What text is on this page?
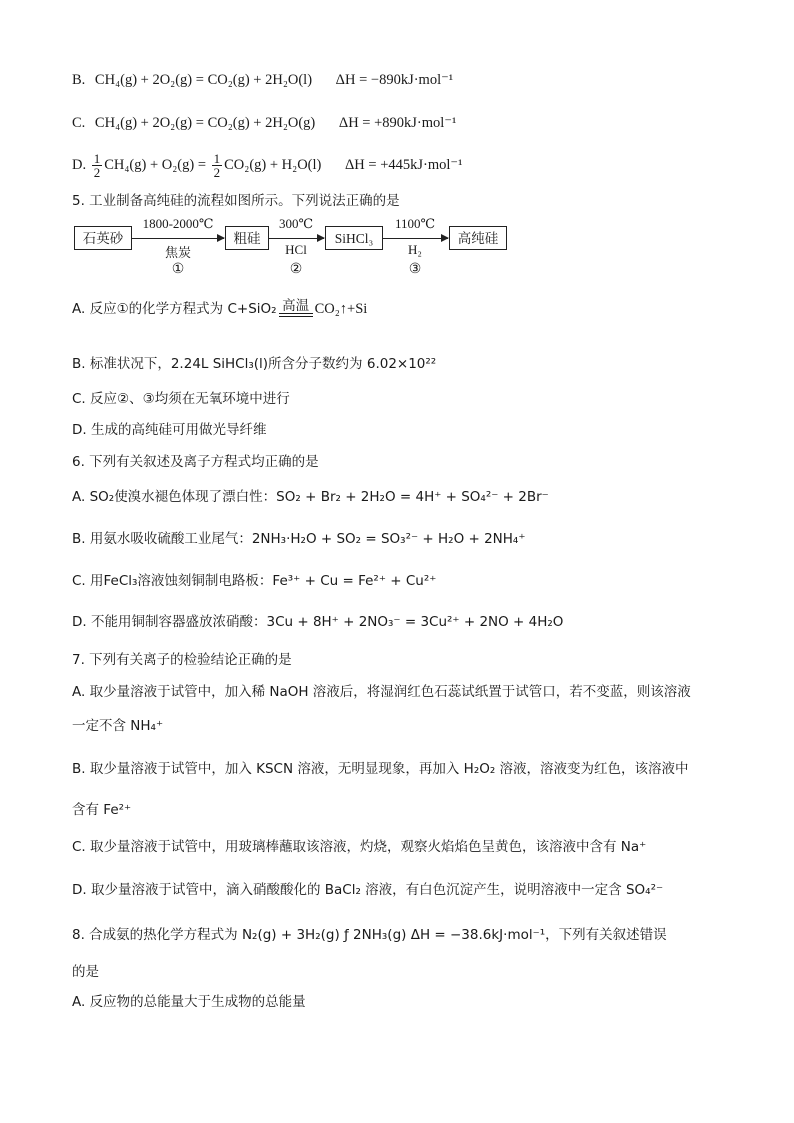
B. CH₄(g) + 2O₂(g) = CO₂(g) + 2H₂O(l) ΔH = −890kJ·mol⁻¹
C. CH₄(g) + 2O₂(g) = CO₂(g) + 2H₂O(g) ΔH = +890kJ·mol⁻¹
D. $\frac{1}{2} CH_4(g) + O_2(g) = \frac{1}{2} CO_2(g) + H_2O(l) \Delta H = +445kJ\cdot mol^{-1}$
5. 工业制备高纯硅的流程如图所示。下列说法正确的是
石英砂	粗硅	SiHCl₃	高纯硅
1800-2000℃
焦炭
①
300℃
HCl
②
1100℃
H₂
③
A. 反应①的化学方程式为 C+SiO₂ 高温 CO₂↑+Si
B. 标准状况下，2.24L SiHCl₃(l)所含分子数约为 6.02×10²²
C. 反应②、③均须在无氧环境中进行
D. 生成的高纯硅可用做光导纤维
6. 下列有关叙述及离子方程式均正确的是
A. SO₂使溴水褪色体现了漂白性：SO₂ + Br₂ + 2H₂O = 4H⁺ + SO₄²⁻ + 2Br⁻
B. 用氨水吸收硫酸工业尾气：2NH₃·H₂O + SO₂ = SO₃²⁻ + H₂O + 2NH₄⁺
C. 用FeCl₃溶液蚀刻铜制电路板：Fe³⁺ + Cu = Fe²⁺ + Cu²⁺
D. 不能用铜制容器盛放浓硝酸：3Cu + 8H⁺ + 2NO₃⁻ = 3Cu²⁺ + 2NO + 4H₂O
7. 下列有关离子的检验结论正确的是
A. 取少量溶液于试管中，加入稀 NaOH 溶液后，将湿润红色石蕊试纸置于试管口，若不变蓝，则该溶液
一定不含 NH₄⁺
B. 取少量溶液于试管中，加入 KSCN 溶液，无明显现象，再加入 H₂O₂ 溶液，溶液变为红色，该溶液中
含有 Fe²⁺
C. 取少量溶液于试管中，用玻璃棒蘸取该溶液，灼烧，观察火焰焰色呈黄色，该溶液中含有 Na⁺
D. 取少量溶液于试管中，滴入硝酸酸化的 BaCl₂ 溶液，有白色沉淀产生，说明溶液中一定含 SO₄²⁻
8. 合成氨的热化学方程式为 N₂(g) + 3H₂(g) ƒ 2NH₃(g) ΔH = −38.6kJ·mol⁻¹，下列有关叙述错误
的是
A. 反应物的总能量大于生成物的总能量
